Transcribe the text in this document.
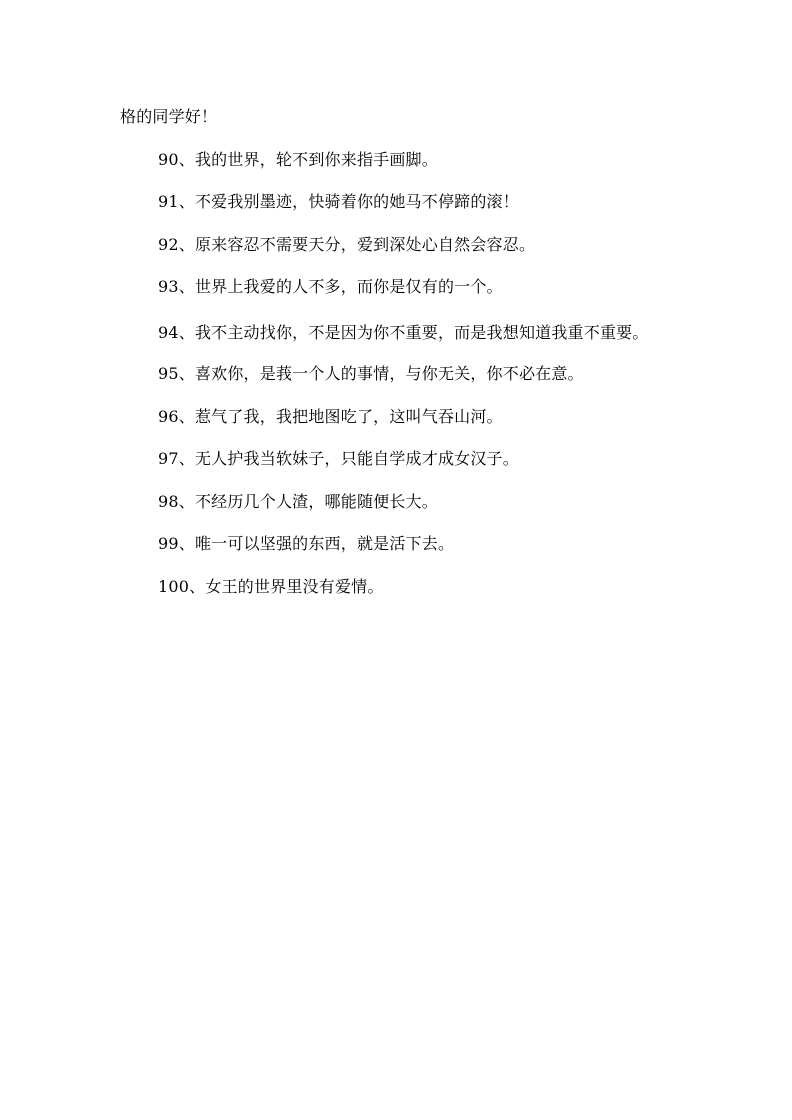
格的同学好！

90、我的世界，轮不到你来指手画脚。

91、不爱我别墨迹，快骑着你的她马不停蹄的滚！

92、原来容忍不需要天分，爱到深处心自然会容忍。

93、世界上我爱的人不多，而你是仅有的一个。

94、我不主动找你，不是因为你不重要，而是我想知道我重不重要。

95、喜欢你，是莪一个人的事情，与你无关，你不必在意。

96、惹气了我，我把地图吃了，这叫气吞山河。

97、无人护我当软妹子，只能自学成才成女汉子。

98、不经历几个人渣，哪能随便长大。

99、唯一可以坚强的东西，就是活下去。

100、女王的世界里没有爱情。
